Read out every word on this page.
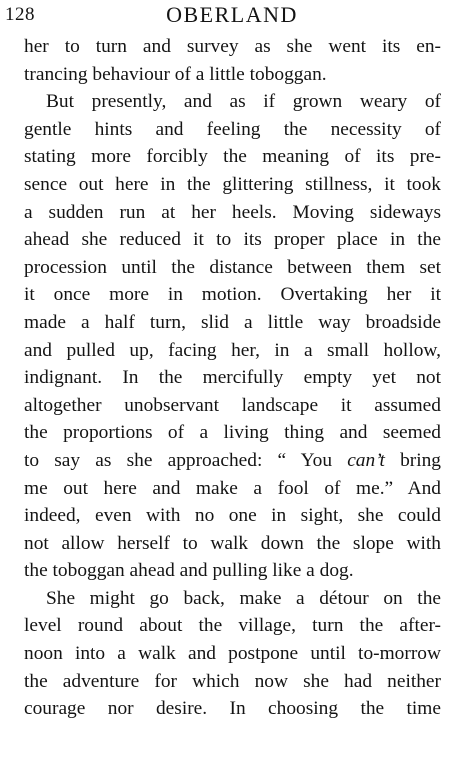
128	OBERLAND

her to turn and survey as she went its en-
trancing behaviour of a little toboggan.

But presently, and as if grown weary of
gentle hints and feeling the necessity of
stating more forcibly the meaning of its pre-
sence out here in the glittering stillness, it took
a sudden run at her heels. Moving sideways
ahead she reduced it to its proper place in the
procession until the distance between them set
it once more in motion. Overtaking her it
made a half turn, slid a little way broadside
and pulled up, facing her, in a small hollow,
indignant. In the mercifully empty yet not
altogether unobservant landscape it assumed
the proportions of a living thing and seemed
to say as she approached: “ You can’t bring
me out here and make a fool of me.” And
indeed, even with no one in sight, she could
not allow herself to walk down the slope with
the toboggan ahead and pulling like a dog.

She might go back, make a détour on the
level round about the village, turn the after-
noon into a walk and postpone until to-morrow
the adventure for which now she had neither
courage nor desire. In choosing the time
